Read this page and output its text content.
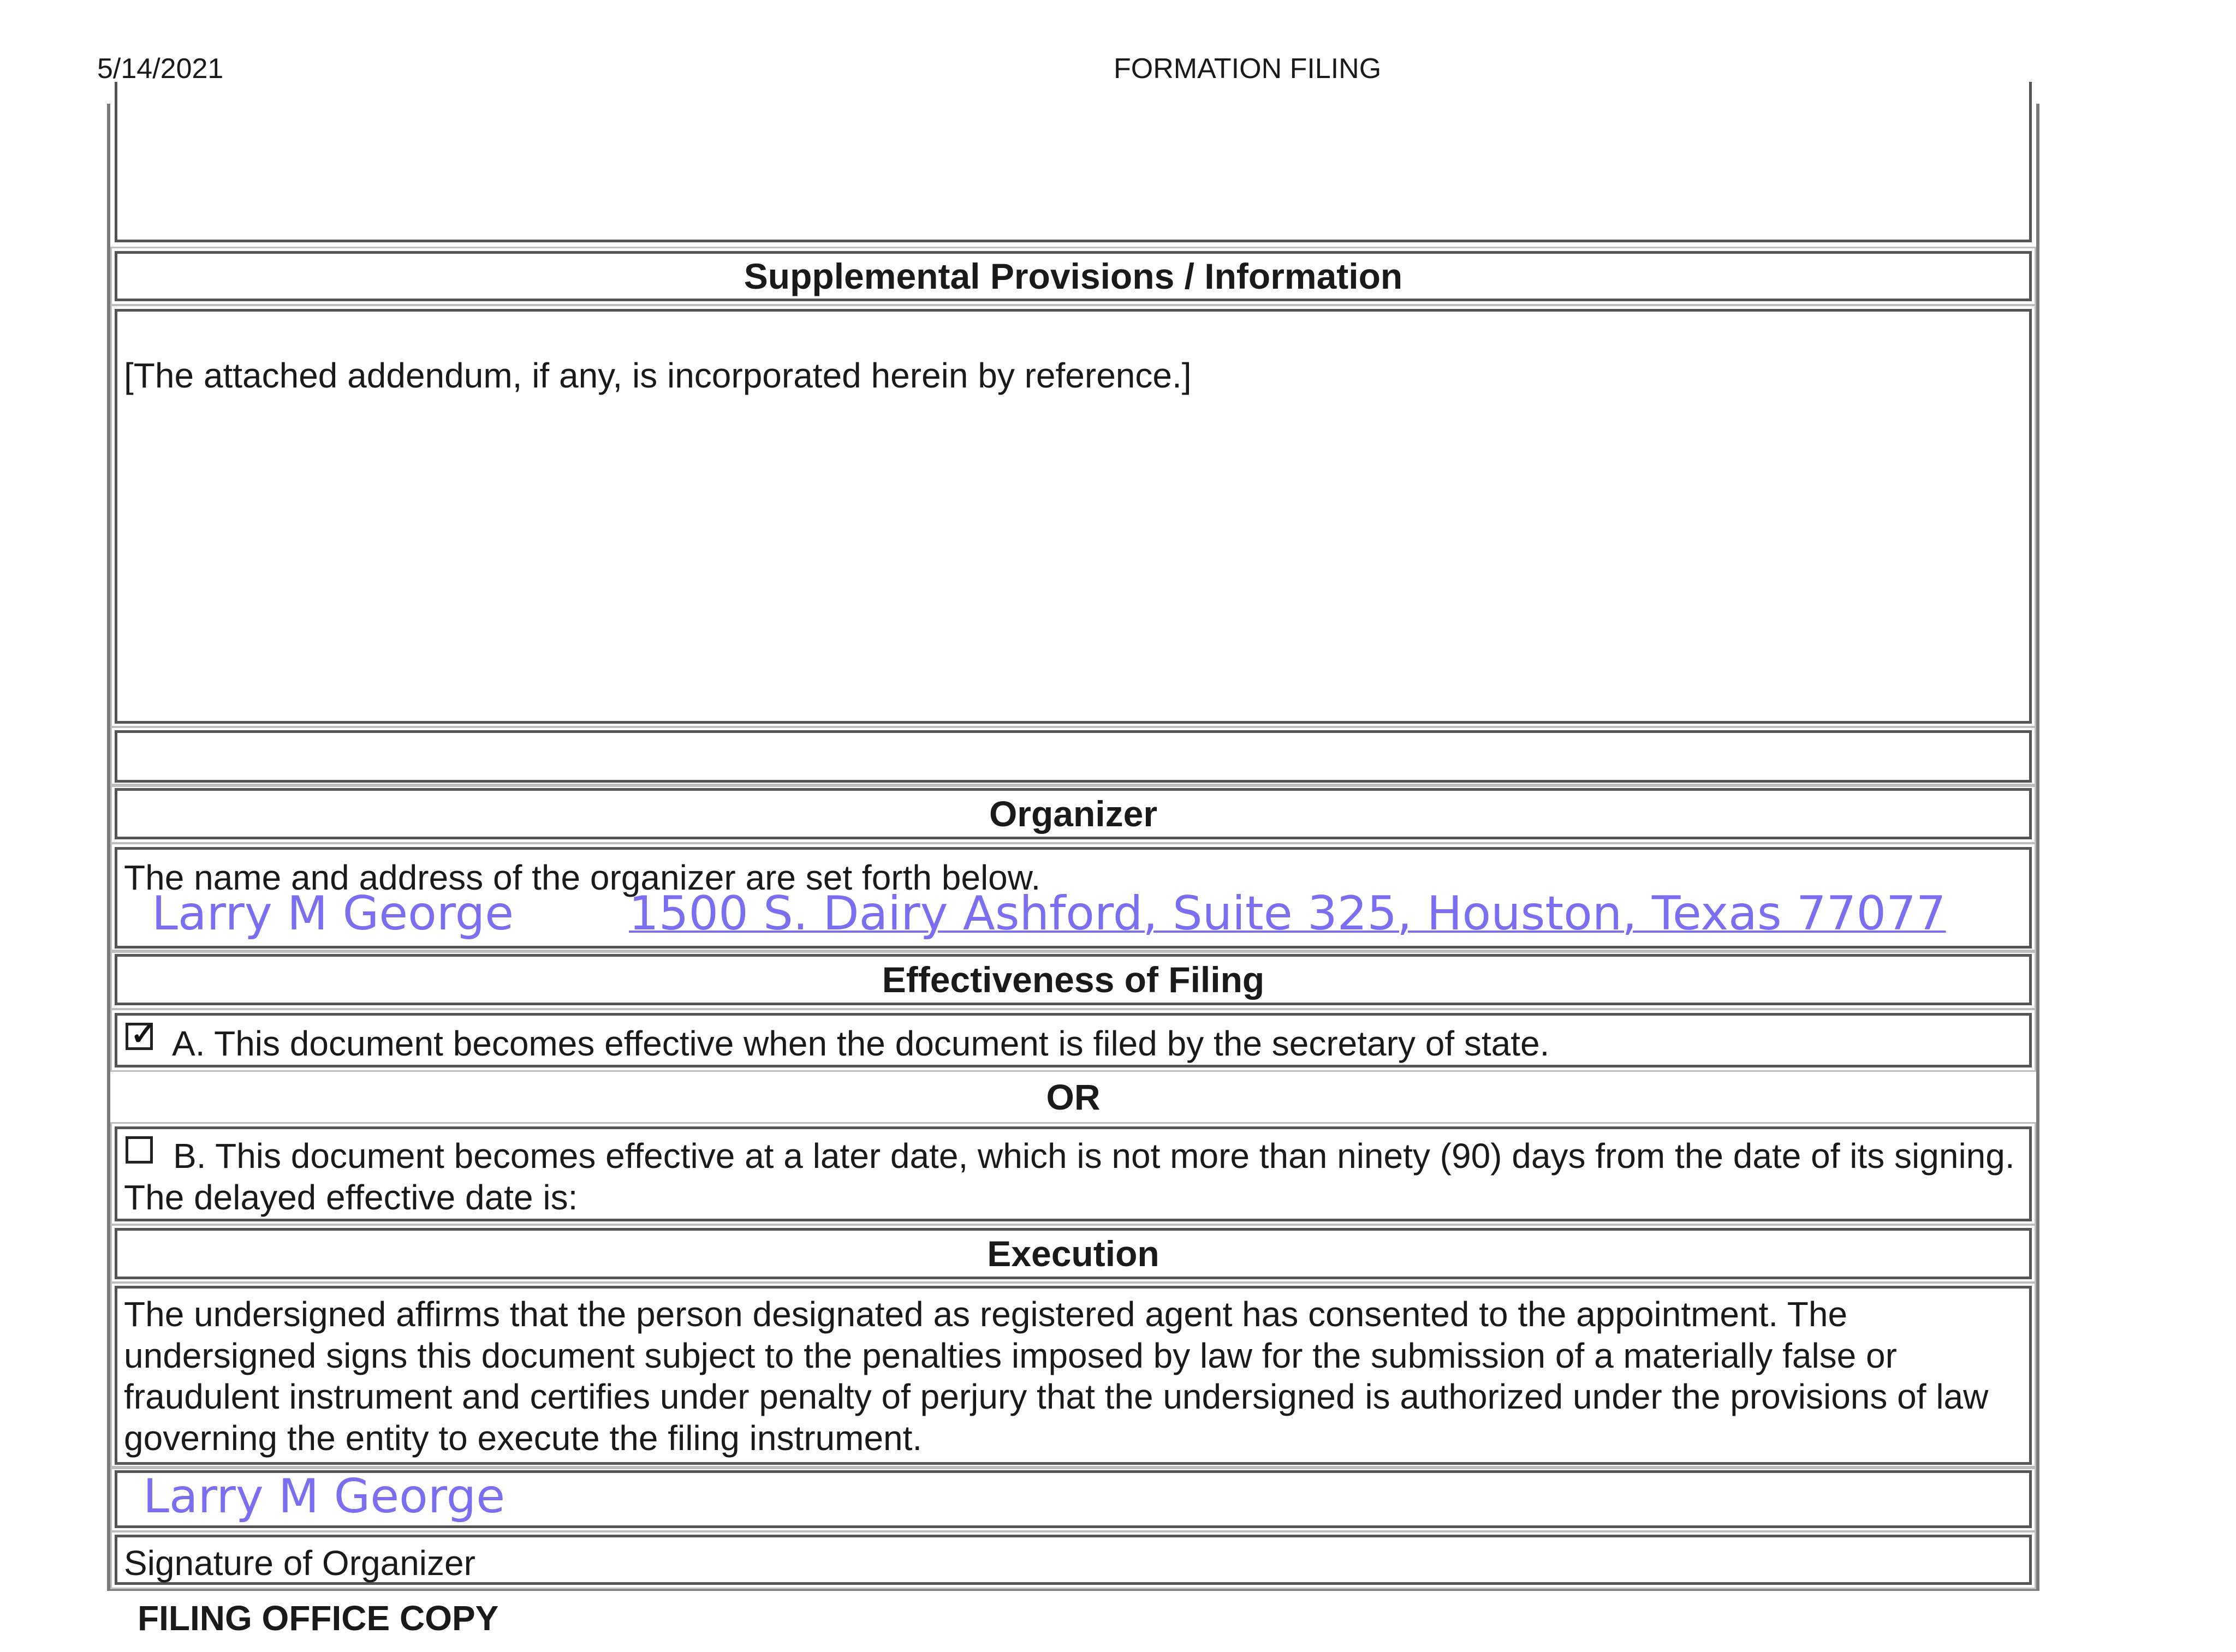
5/14/2021	FORMATION FILING
Supplemental Provisions / Information
[The attached addendum, if any, is incorporated herein by reference.]
Organizer
The name and address of the organizer are set forth below.
Larry M George 1500 S. Dairy Ashford, Suite 325, Houston, Texas 77077
Effectiveness of Filing
A. This document becomes effective when the document is filed by the secretary of state.
✓
OR
B. This document becomes effective at a later date, which is not more than ninety (90) days from the date of its signing. The delayed effective date is:
Execution
The undersigned affirms that the person designated as registered agent has consented to the appointment. The undersigned signs this document subject to the penalties imposed by law for the submission of a materially false or fraudulent instrument and certifies under penalty of perjury that the undersigned is authorized under the provisions of law governing the entity to execute the filing instrument.
Larry M George
Signature of Organizer
FILING OFFICE COPY
